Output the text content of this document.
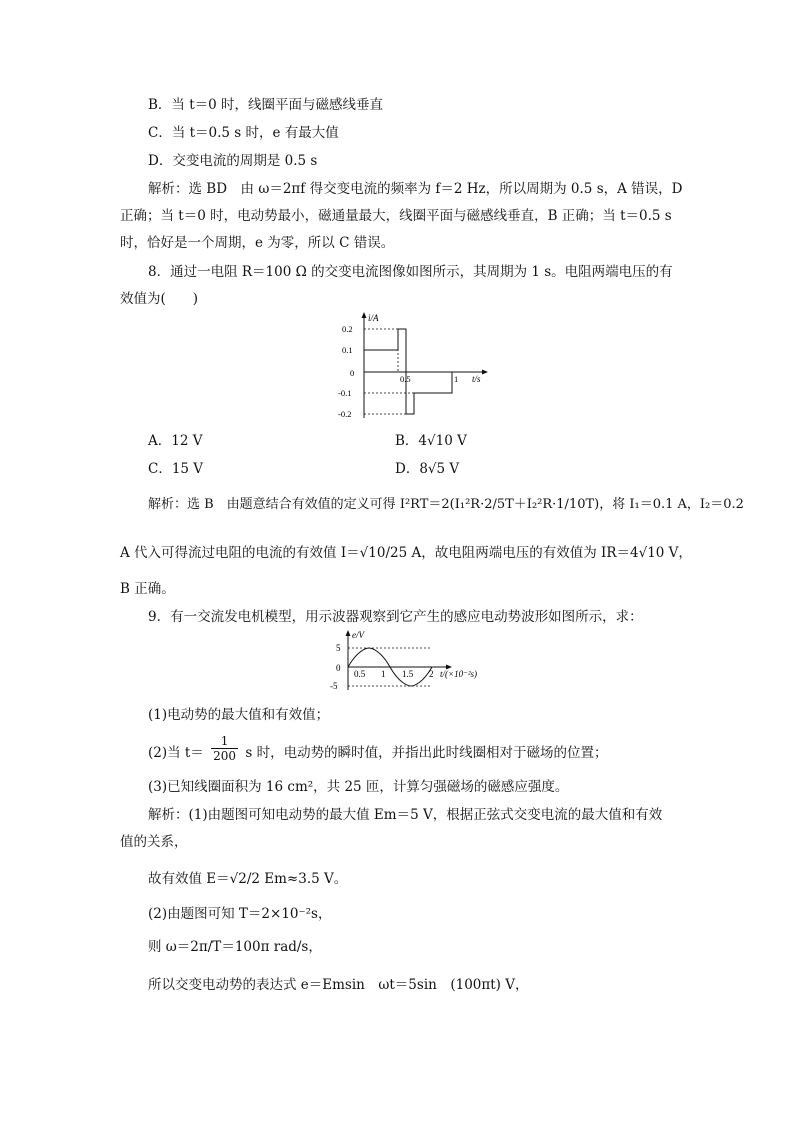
B．当 t＝0 时，线圈平面与磁感线垂直
C．当 t＝0.5 s 时，e 有最大值
D．交变电流的周期是 0.5 s
解析：选 BD　由 ω＝2πf 得交变电流的频率为 f＝2 Hz，所以周期为 0.5 s，A 错误，D
正确；当 t＝0 时，电动势最小，磁通量最大，线圈平面与磁感线垂直，B 正确；当 t＝0.5 s
时，恰好是一个周期，e 为零，所以 C 错误。
8．通过一电阻 R＝100 Ω 的交变电流图像如图所示，其周期为 1 s。电阻两端电压的有
效值为(　　)
i/A
t/s
0.2
0.1
0
-0.1
-0.2
0.5	1
A．12 V	B．4√10 V
C．15 V	D．8√5 V
解析：选 B　由题意结合有效值的定义可得 I²RT＝2(I₁²R·2/5T＋I₂²R·1/10T)，将 I₁＝0.1 A，I₂＝0.2
A 代入可得流过电阻的电流的有效值 I＝√10/25 A，故电阻两端电压的有效值为 IR＝4√10 V，
B 正确。
9．有一交流发电机模型，用示波器观察到它产生的感应电动势波形如图所示，求：
e/V
t/(×10⁻²s)
5
0
-5
0.5 1 1.5 2
(1)电动势的最大值和有效值；
(2)当 $t= \frac{1}{200}$ s 时，电动势的瞬时值，并指出此时线圈相对于磁场的位置；
(3)已知线圈面积为 16 cm²，共 25 匝，计算匀强磁场的磁感应强度。
解析：(1)由题图可知电动势的最大值 Em＝5 V，根据正弦式交变电流的最大值和有效
值的关系，
故有效值 E＝√2/2 Em≈3.5 V。
(2)由题图可知 T＝2×10⁻²s，
则 ω＝2π/T＝100π rad/s，
所以交变电动势的表达式 e＝Emsin　ωt＝5sin　(100πt) V，
